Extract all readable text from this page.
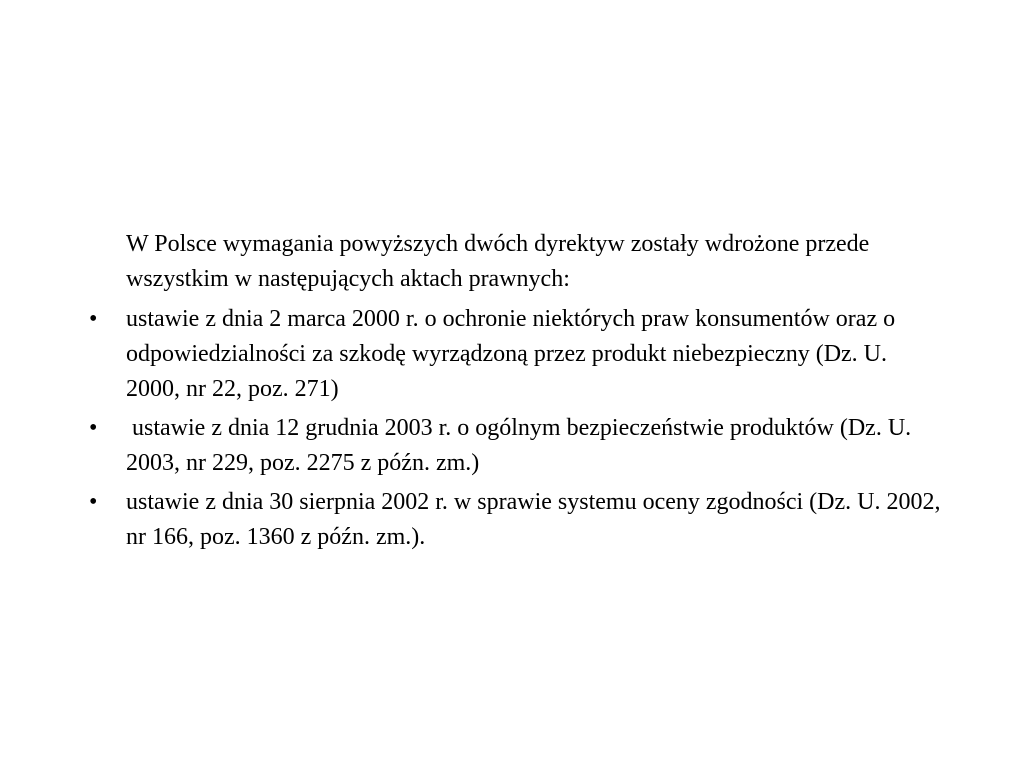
W Polsce wymagania powyższych dwóch dyrektyw zostały wdrożone przede wszystkim w następujących aktach prawnych:

• ustawie z dnia 2 marca 2000 r. o ochronie niektórych praw konsumentów oraz o odpowiedzialności za szkodę wyrządzoną przez produkt niebezpieczny (Dz. U. 2000, nr 22, poz. 271)
• ustawie z dnia 12 grudnia 2003 r. o ogólnym bezpieczeństwie produktów (Dz. U. 2003, nr 229, poz. 2275 z późn. zm.)
• ustawie z dnia 30 sierpnia 2002 r. w sprawie systemu oceny zgodności (Dz. U. 2002, nr 166, poz. 1360 z późn. zm.).
